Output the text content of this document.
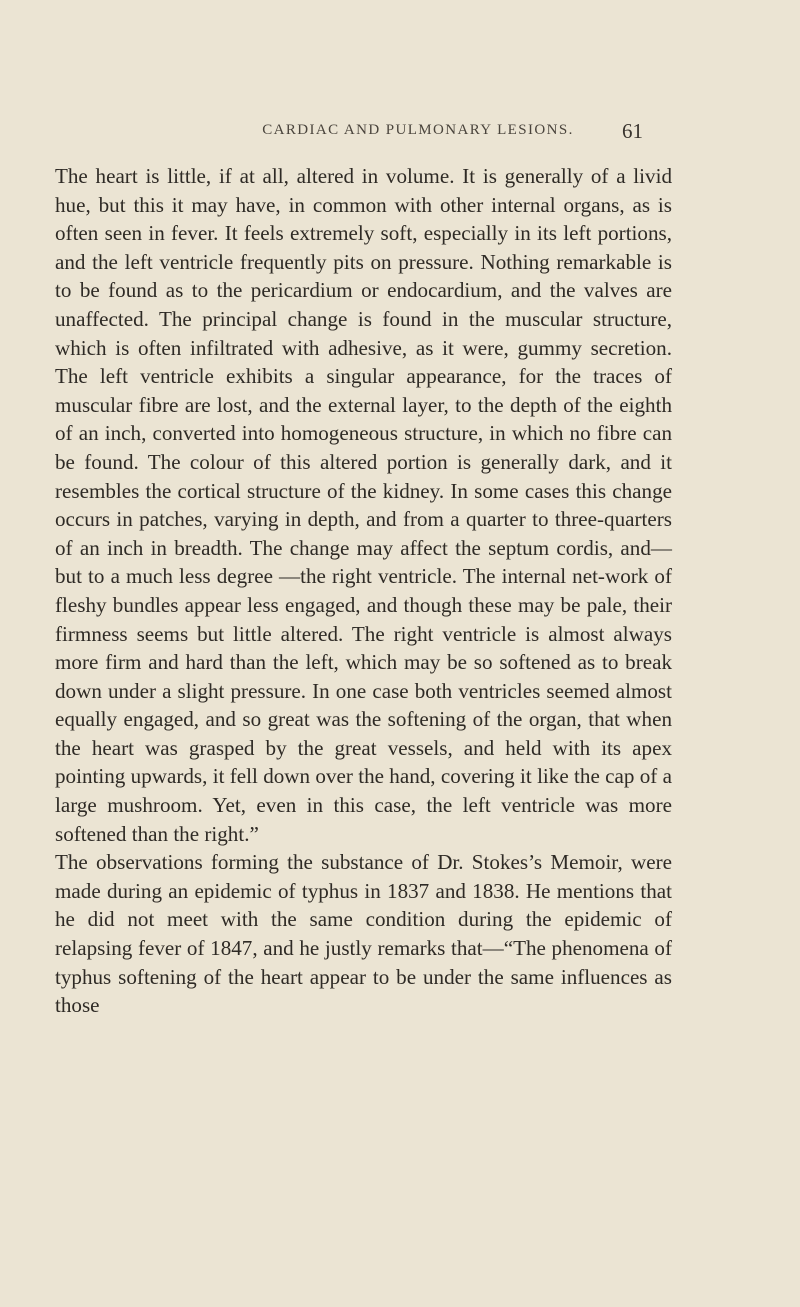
CARDIAC AND PULMONARY LESIONS.	61

The heart is little, if at all, altered in volume. It is generally of a livid hue, but this it may have, in common with other internal organs, as is often seen in fever. It feels extremely soft, especially in its left portions, and the left ventricle frequently pits on pressure. Nothing remarkable is to be found as to the pericardium or endocardium, and the valves are unaffected. The principal change is found in the muscular structure, which is often infiltrated with adhesive, as it were, gummy secretion. The left ventricle exhibits a singular appearance, for the traces of muscular fibre are lost, and the external layer, to the depth of the eighth of an inch, converted into homogeneous structure, in which no fibre can be found. The colour of this altered portion is generally dark, and it resembles the cortical structure of the kidney. In some cases this change occurs in patches, varying in depth, and from a quarter to three-quarters of an inch in breadth. The change may affect the septum cordis, and—but to a much less degree —the right ventricle. The internal net-work of fleshy bundles appear less engaged, and though these may be pale, their firmness seems but little altered. The right ventricle is almost always more firm and hard than the left, which may be so softened as to break down under a slight pressure. In one case both ventricles seemed almost equally engaged, and so great was the softening of the organ, that when the heart was grasped by the great vessels, and held with its apex pointing upwards, it fell down over the hand, covering it like the cap of a large mushroom. Yet, even in this case, the left ventricle was more softened than the right.”

The observations forming the substance of Dr. Stokes’s Memoir, were made during an epidemic of typhus in 1837 and 1838. He mentions that he did not meet with the same condition during the epidemic of relapsing fever of 1847, and he justly remarks that—“The phenomena of typhus softening of the heart appear to be under the same influences as those
